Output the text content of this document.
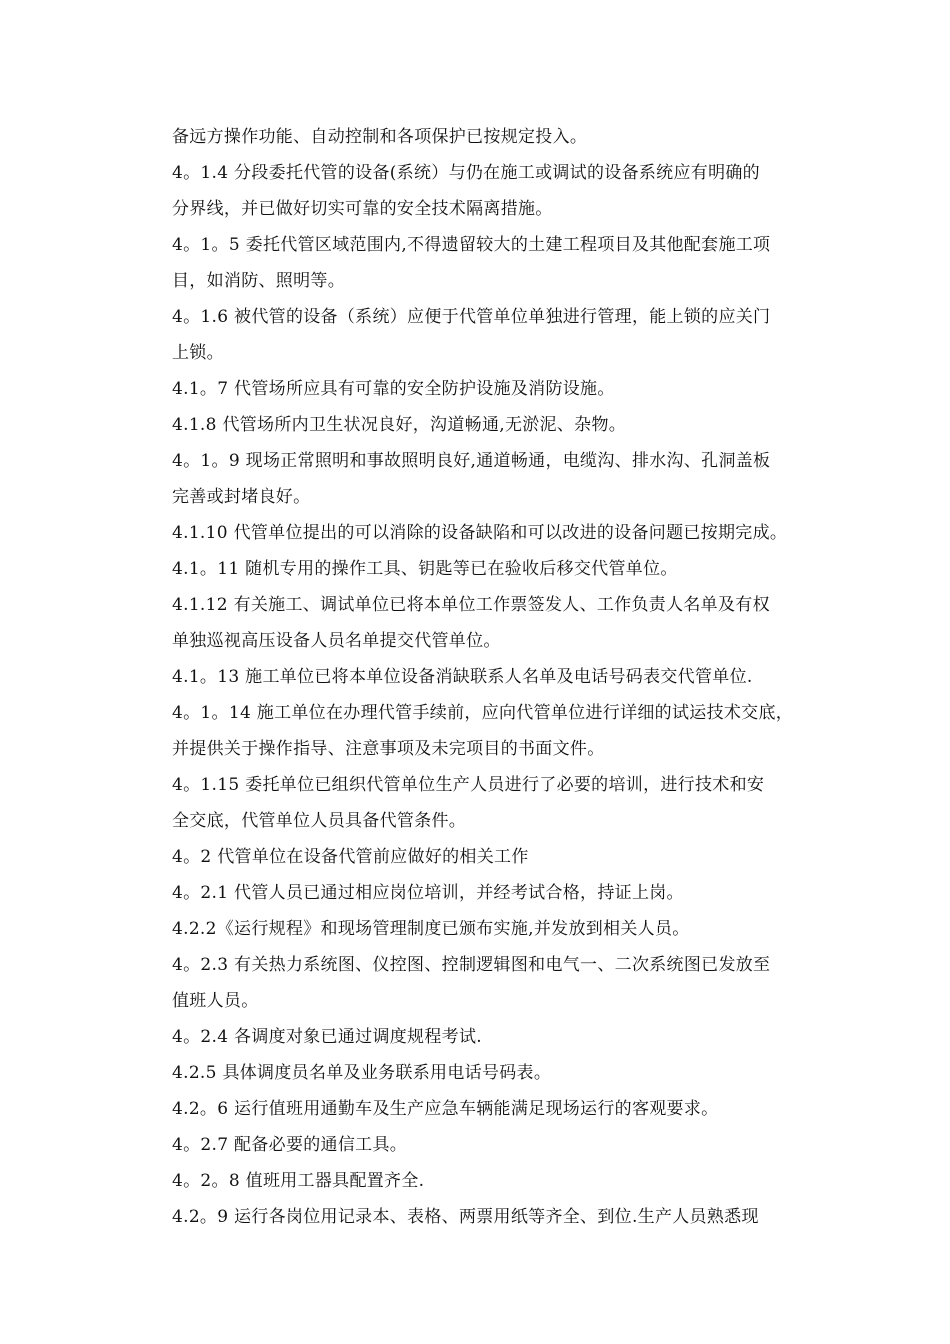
备远方操作功能、自动控制和各项保护已按规定投入。
4。1.4 分段委托代管的设备(系统）与仍在施工或调试的设备系统应有明确的
分界线，并已做好切实可靠的安全技术隔离措施。
4。1。5 委托代管区域范围内,不得遗留较大的土建工程项目及其他配套施工项
目，如消防、照明等。
4。1.6 被代管的设备（系统）应便于代管单位单独进行管理，能上锁的应关门
上锁。
4.1。7 代管场所应具有可靠的安全防护设施及消防设施。
4.1.8 代管场所内卫生状况良好，沟道畅通,无淤泥、杂物。
4。1。9 现场正常照明和事故照明良好,通道畅通，电缆沟、排水沟、孔洞盖板
完善或封堵良好。
4.1.10 代管单位提出的可以消除的设备缺陷和可以改进的设备问题已按期完成。
4.1。11 随机专用的操作工具、钥匙等已在验收后移交代管单位。
4.1.12 有关施工、调试单位已将本单位工作票签发人、工作负责人名单及有权
单独巡视高压设备人员名单提交代管单位。
4.1。13 施工单位已将本单位设备消缺联系人名单及电话号码表交代管单位.
4。1。14 施工单位在办理代管手续前，应向代管单位进行详细的试运技术交底，
并提供关于操作指导、注意事项及未完项目的书面文件。
4。1.15 委托单位已组织代管单位生产人员进行了必要的培训，进行技术和安
全交底，代管单位人员具备代管条件。
4。2 代管单位在设备代管前应做好的相关工作
4。2.1 代管人员已通过相应岗位培训，并经考试合格，持证上岗。
4.2.2《运行规程》和现场管理制度已颁布实施,并发放到相关人员。
4。2.3 有关热力系统图、仪控图、控制逻辑图和电气一、二次系统图已发放至
值班人员。
4。2.4 各调度对象已通过调度规程考试.
4.2.5 具体调度员名单及业务联系用电话号码表。
4.2。6 运行值班用通勤车及生产应急车辆能满足现场运行的客观要求。
4。2.7 配备必要的通信工具。
4。2。8 值班用工器具配置齐全.
4.2。9 运行各岗位用记录本、表格、两票用纸等齐全、到位.生产人员熟悉现
